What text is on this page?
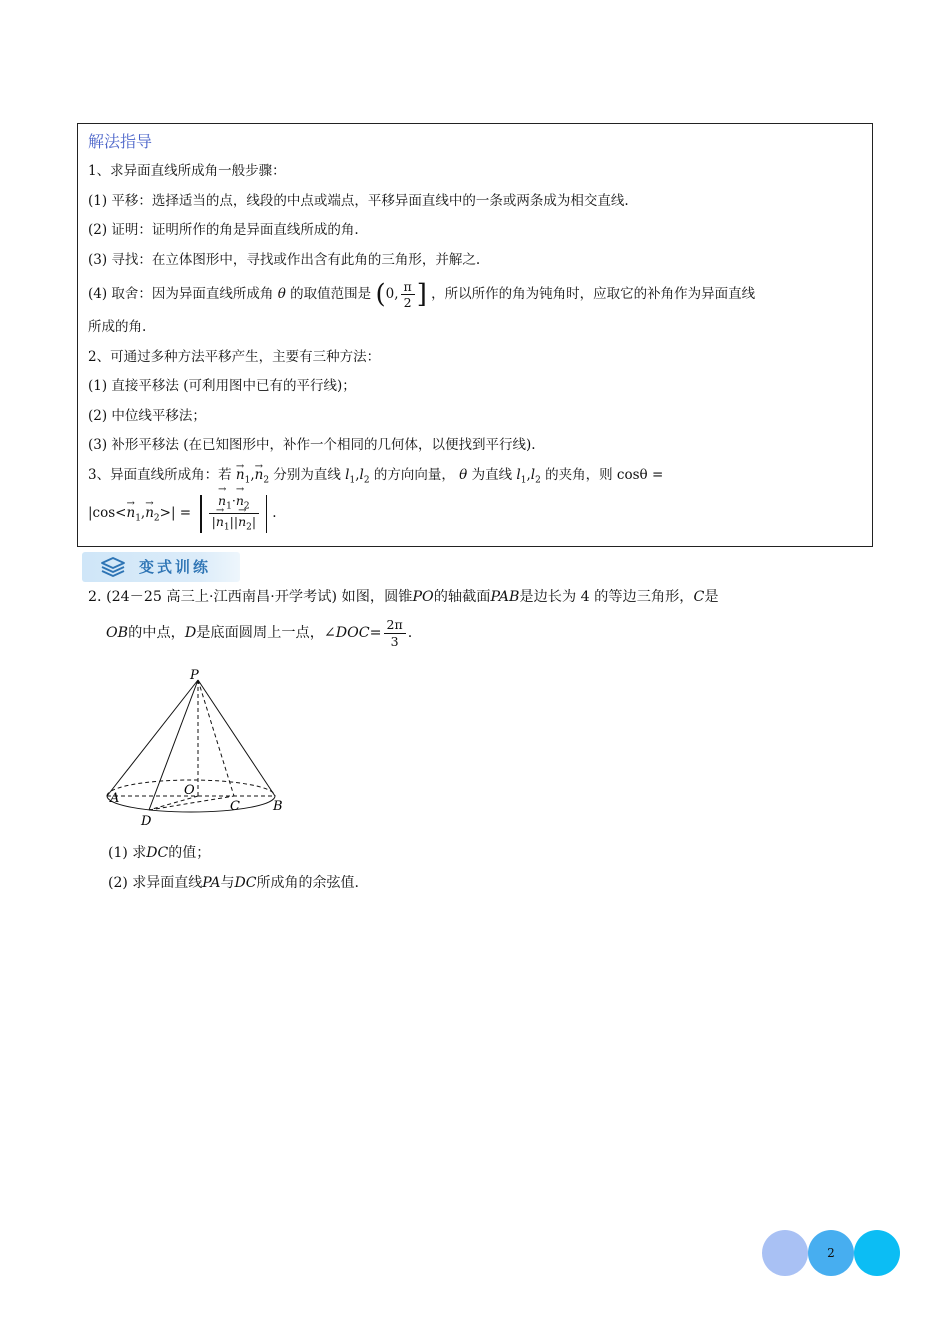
解法指导
1、求异面直线所成角一般步骤：
(1) 平移：选择适当的点，线段的中点或端点，平移异面直线中的一条或两条成为相交直线.
(2) 证明：证明所作的角是异面直线所成的角.
(3) 寻找：在立体图形中，寻找或作出含有此角的三角形，并解之.
(4) 取舍：因为异面直线所成角 θ 的取值范围是 (0, $\frac{\pi}{2}$ ] ，所以所作的角为钝角时，应取它的补角作为异面直线
所成的角.
2、可通过多种方法平移产生，主要有三种方法：
(1) 直接平移法 (可利用图中已有的平行线)；
(2) 中位线平移法；
(3) 补形平移法 (在已知图形中，补作一个相同的几何体，以便找到平行线).
3、异面直线所成角：若 → $n_1,\to n_2$ 分别为直线 $l_1,l_2$ 的方向向量， θ 为直线 $l_1,l_2$ 的夹角，则 cosθ =
$|\cos<\to n_1,\to n_2>|$ = → $\frac{n_1\cdot\to n_2}{|\to n_1||\to n_2|}$ .
变式训练
2. (24－25 高三上·江西南昌·开学考试) 如图，圆锥PO的轴截面PAB是边长为 4 的等边三角形，C是
OB的中点，D是底面圆周上一点，∠DOC= $\frac{2\pi}{3}$ .
P
A
O
C	B
D
(1) 求DC的值；
(2) 求异面直线PA与DC所成角的余弦值.
2
